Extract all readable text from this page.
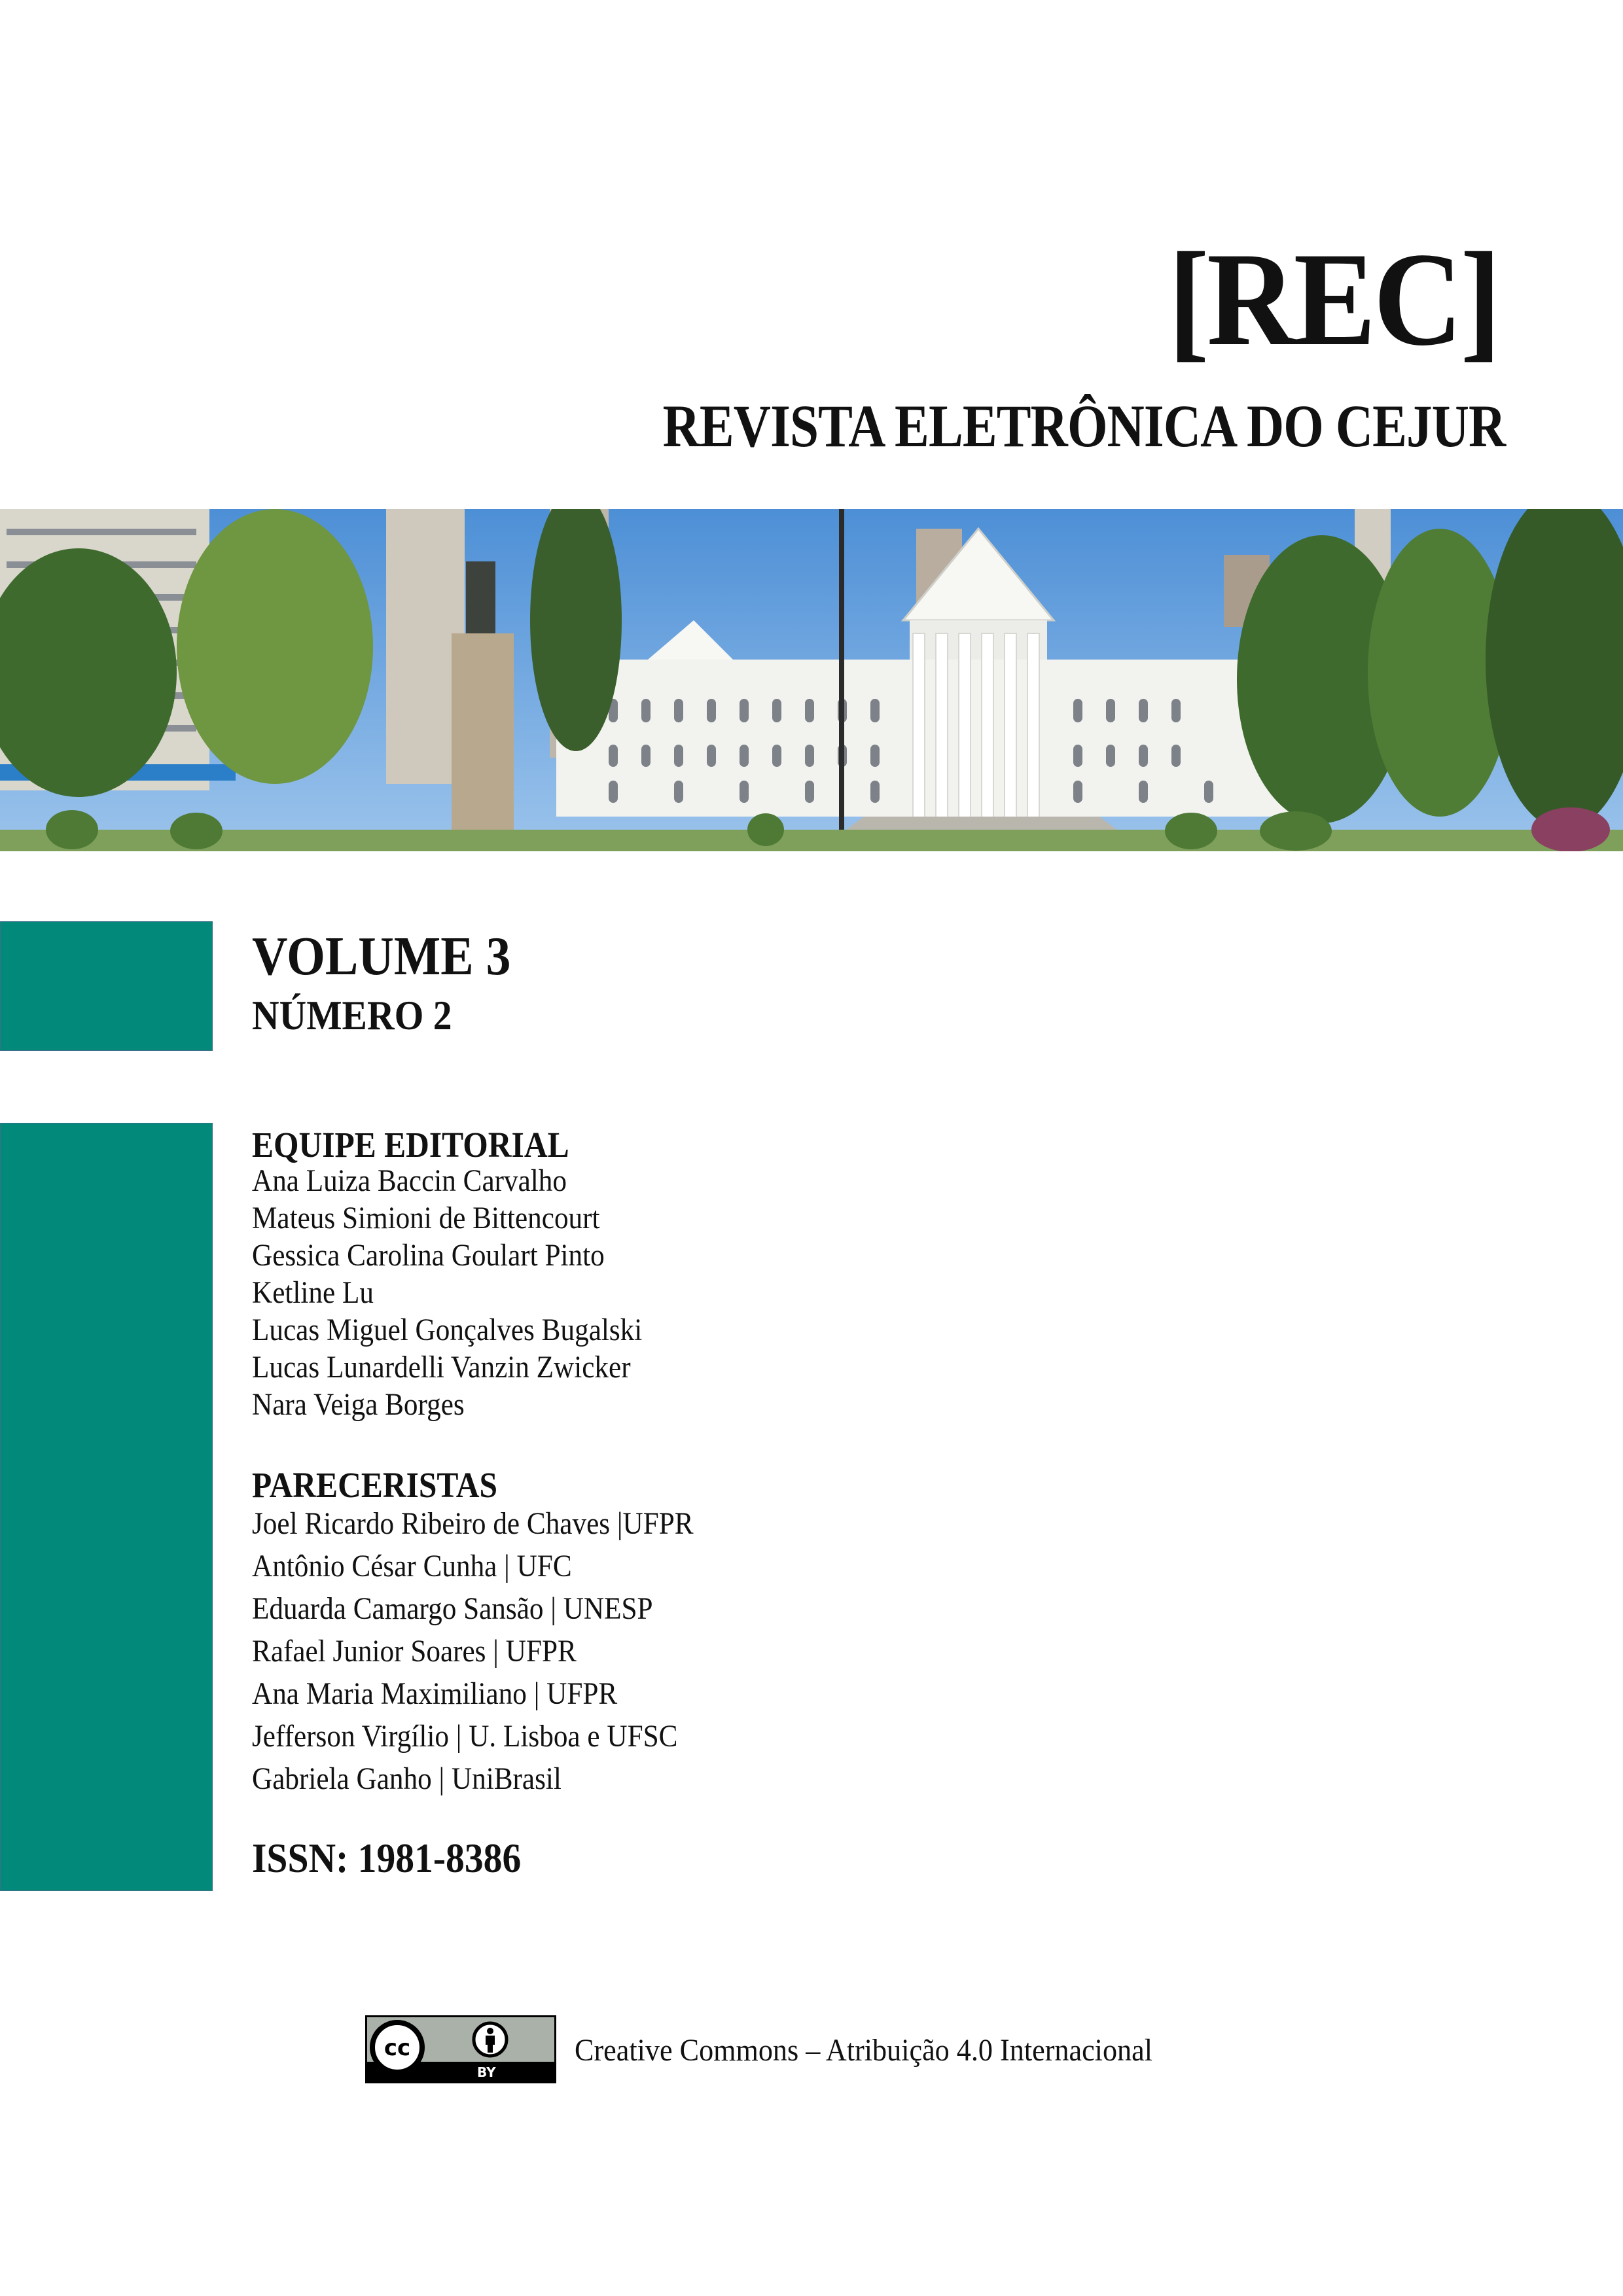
[REC]
REVISTA ELETRÔNICA DO CEJUR
VOLUME 3
NÚMERO 2
EQUIPE EDITORIAL
Ana Luiza Baccin Carvalho
Mateus Simioni de Bittencourt
Gessica Carolina Goulart Pinto
Ketline Lu
Lucas Miguel Gonçalves Bugalski
Lucas Lunardelli Vanzin Zwicker
Nara Veiga Borges
PARECERISTAS
Joel Ricardo Ribeiro de Chaves |UFPR
Antônio César Cunha | UFC
Eduarda Camargo Sansão | UNESP
Rafael Junior Soares | UFPR
Ana Maria Maximiliano | UFPR
Jefferson Virgílio | U. Lisboa e UFSC
Gabriela Ganho | UniBrasil
ISSN: 1981-8386
cc
BY
Creative Commons – Atribuição 4.0 Internacional
